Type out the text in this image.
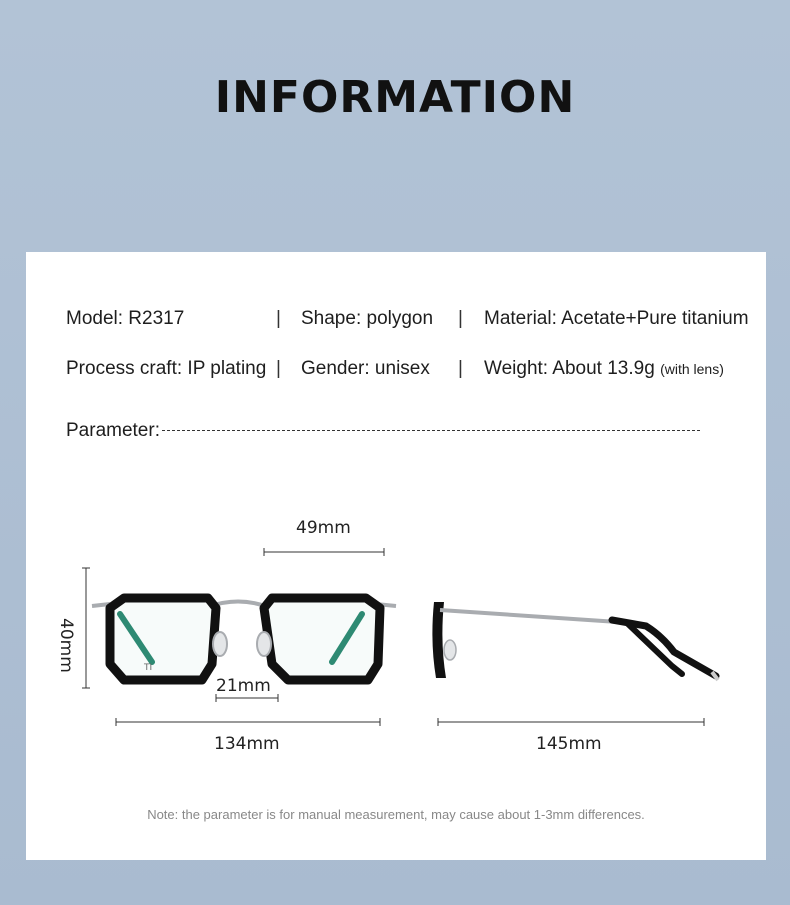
INFORMATION
Model: R2317	| Shape: polygon | Material: Acetate+Pure titanium
Process craft: IP plating | Gender: unisex | Weight: About 13.9g (with lens)
Parameter:
TI
49mm
40mm
21mm
134mm	145mm
Note: the parameter is for manual measurement, may cause about 1-3mm differences.
